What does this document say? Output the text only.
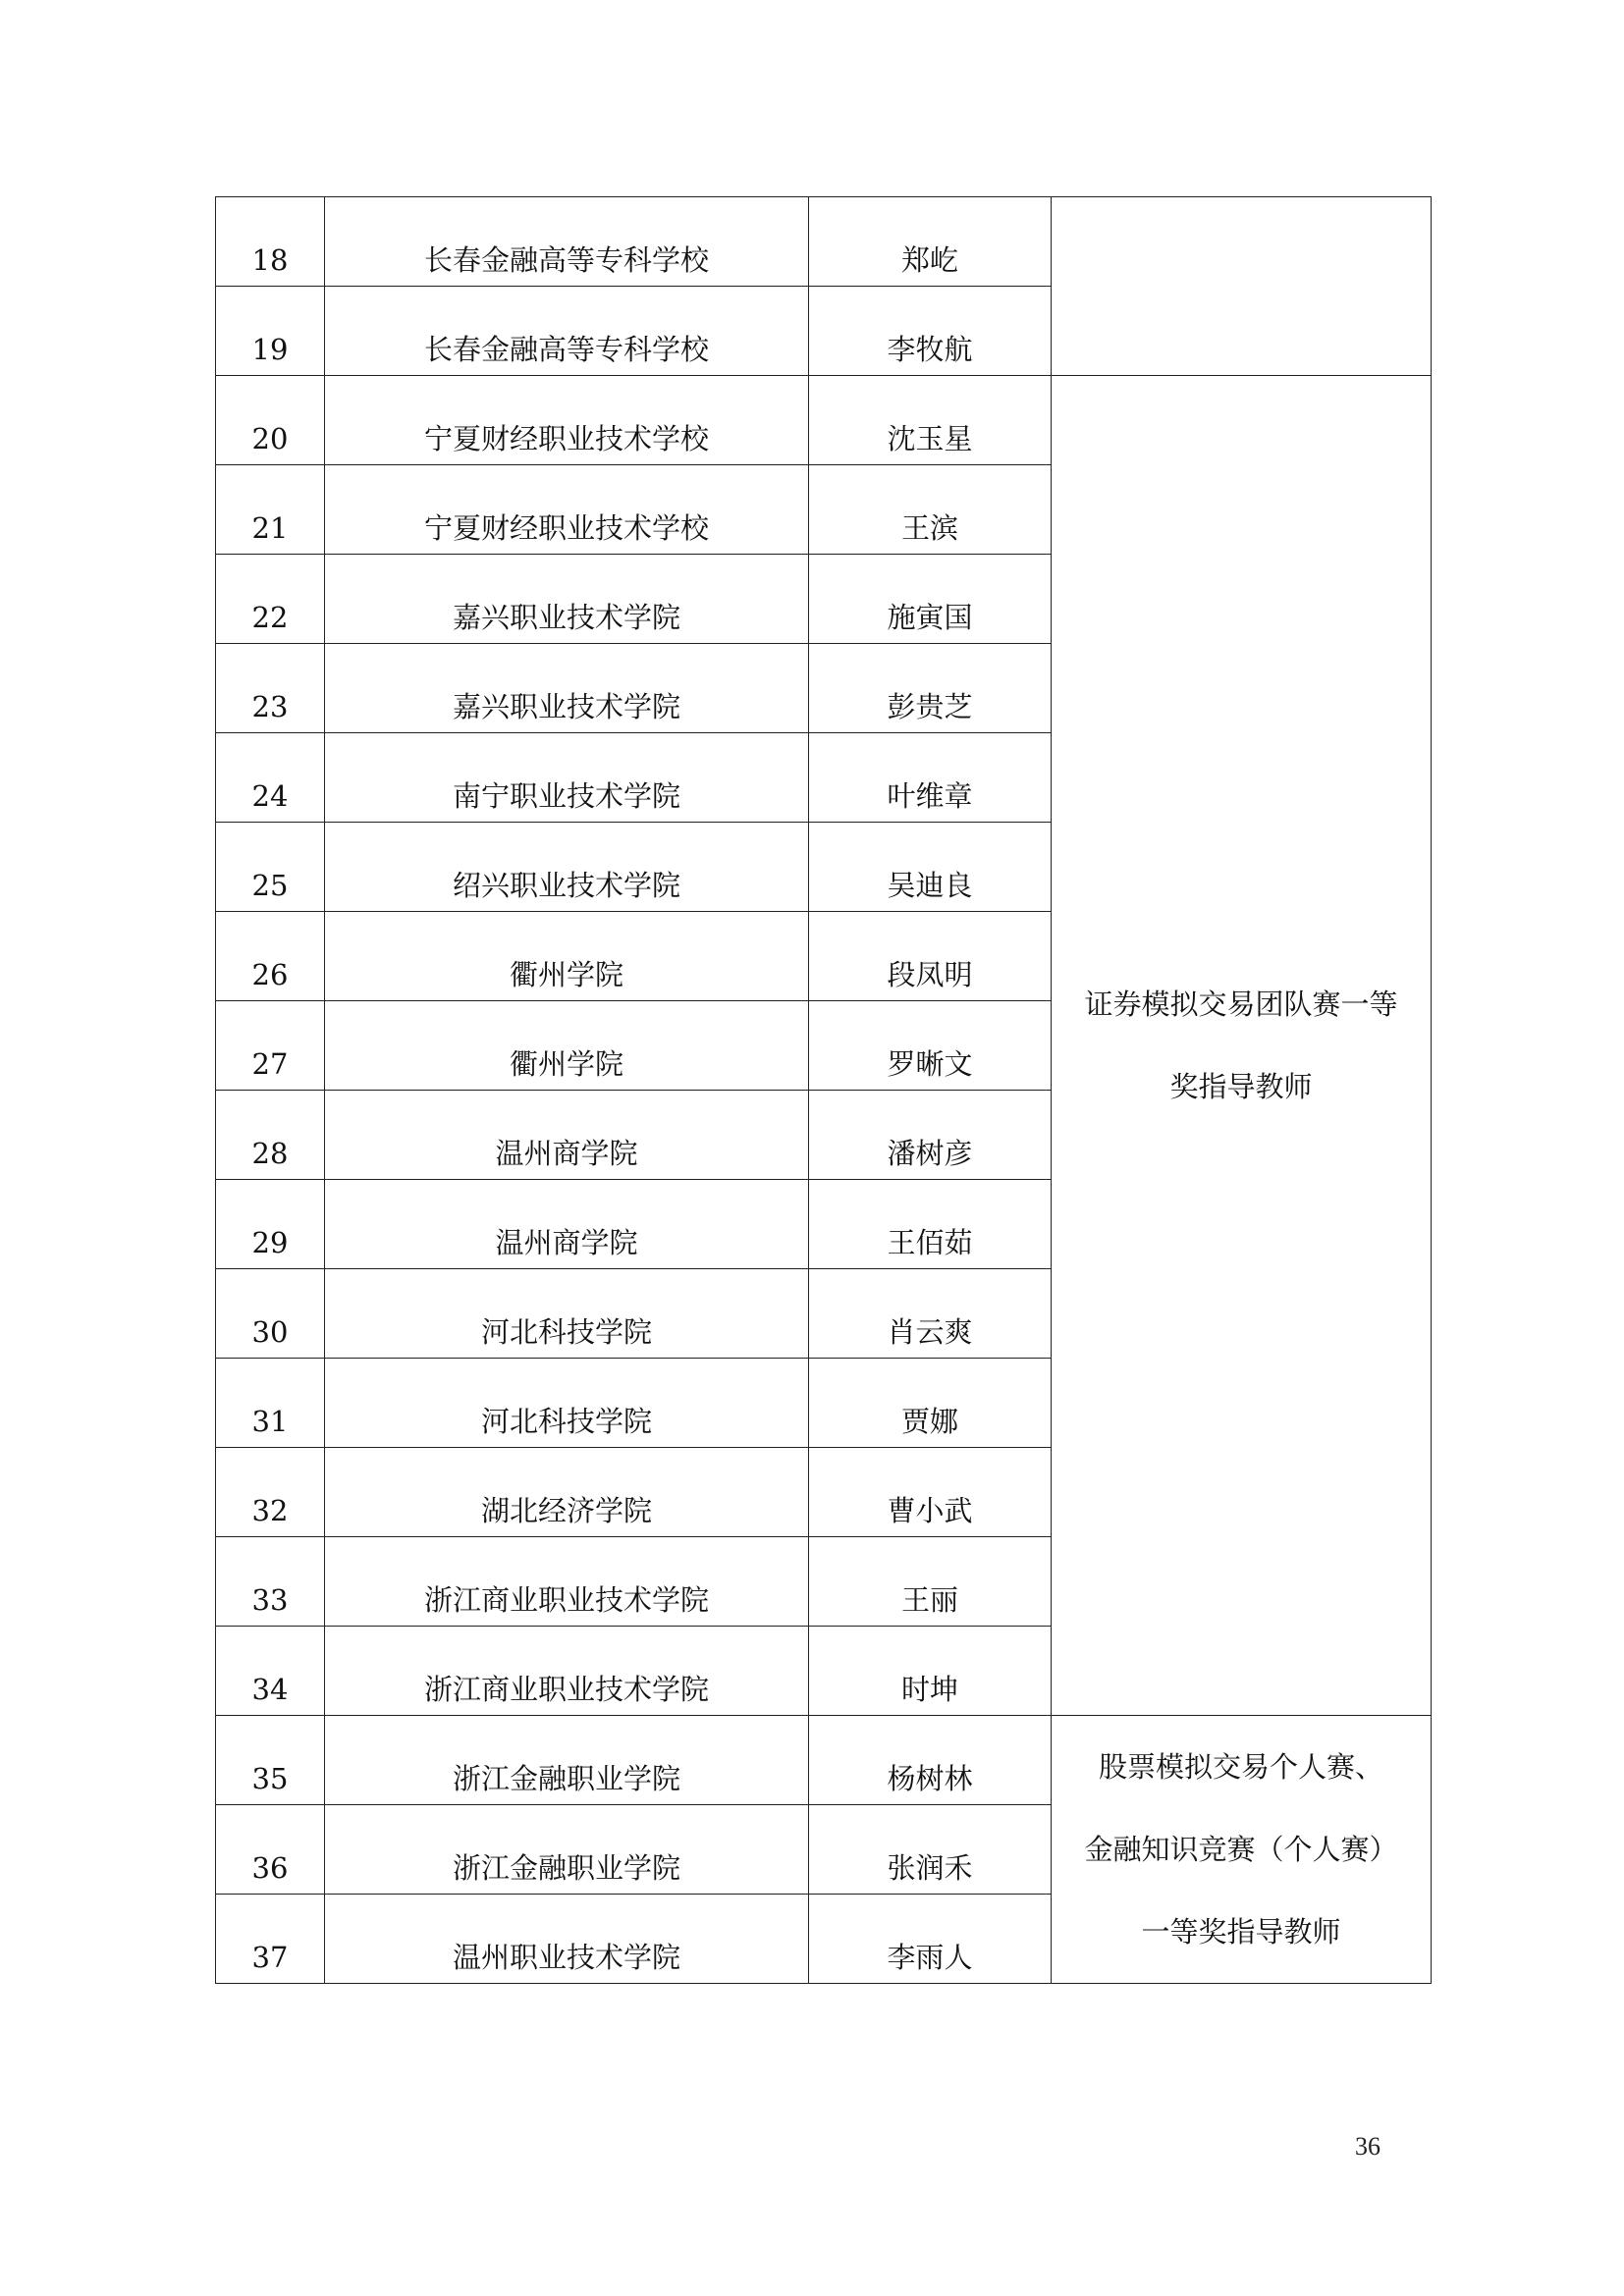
18	长春金融高等专科学校	郑屹	
19	长春金融高等专科学校	李牧航	
20	宁夏财经职业技术学校	沈玉星	证券模拟交易团队赛一等
奖指导教师

21	宁夏财经职业技术学校	王滨	
22	嘉兴职业技术学院	施寅国	
23	嘉兴职业技术学院	彭贵芝	
24	南宁职业技术学院	叶维章	
25	绍兴职业技术学院	吴迪良	
26	衢州学院	段凤明	
27	衢州学院	罗晰文	
28	温州商学院	潘树彦	
29	温州商学院	王佰茹	
30	河北科技学院	肖云爽	
31	河北科技学院	贾娜	
32	湖北经济学院	曹小武	
33	浙江商业职业技术学院	王丽	
34	浙江商业职业技术学院	时坤	
35	浙江金融职业学院	杨树林	股票模拟交易个人赛、
金融知识竞赛（个人赛）
一等奖指导教师

36	浙江金融职业学院	张润禾	
37	温州职业技术学院	李雨人	
36
